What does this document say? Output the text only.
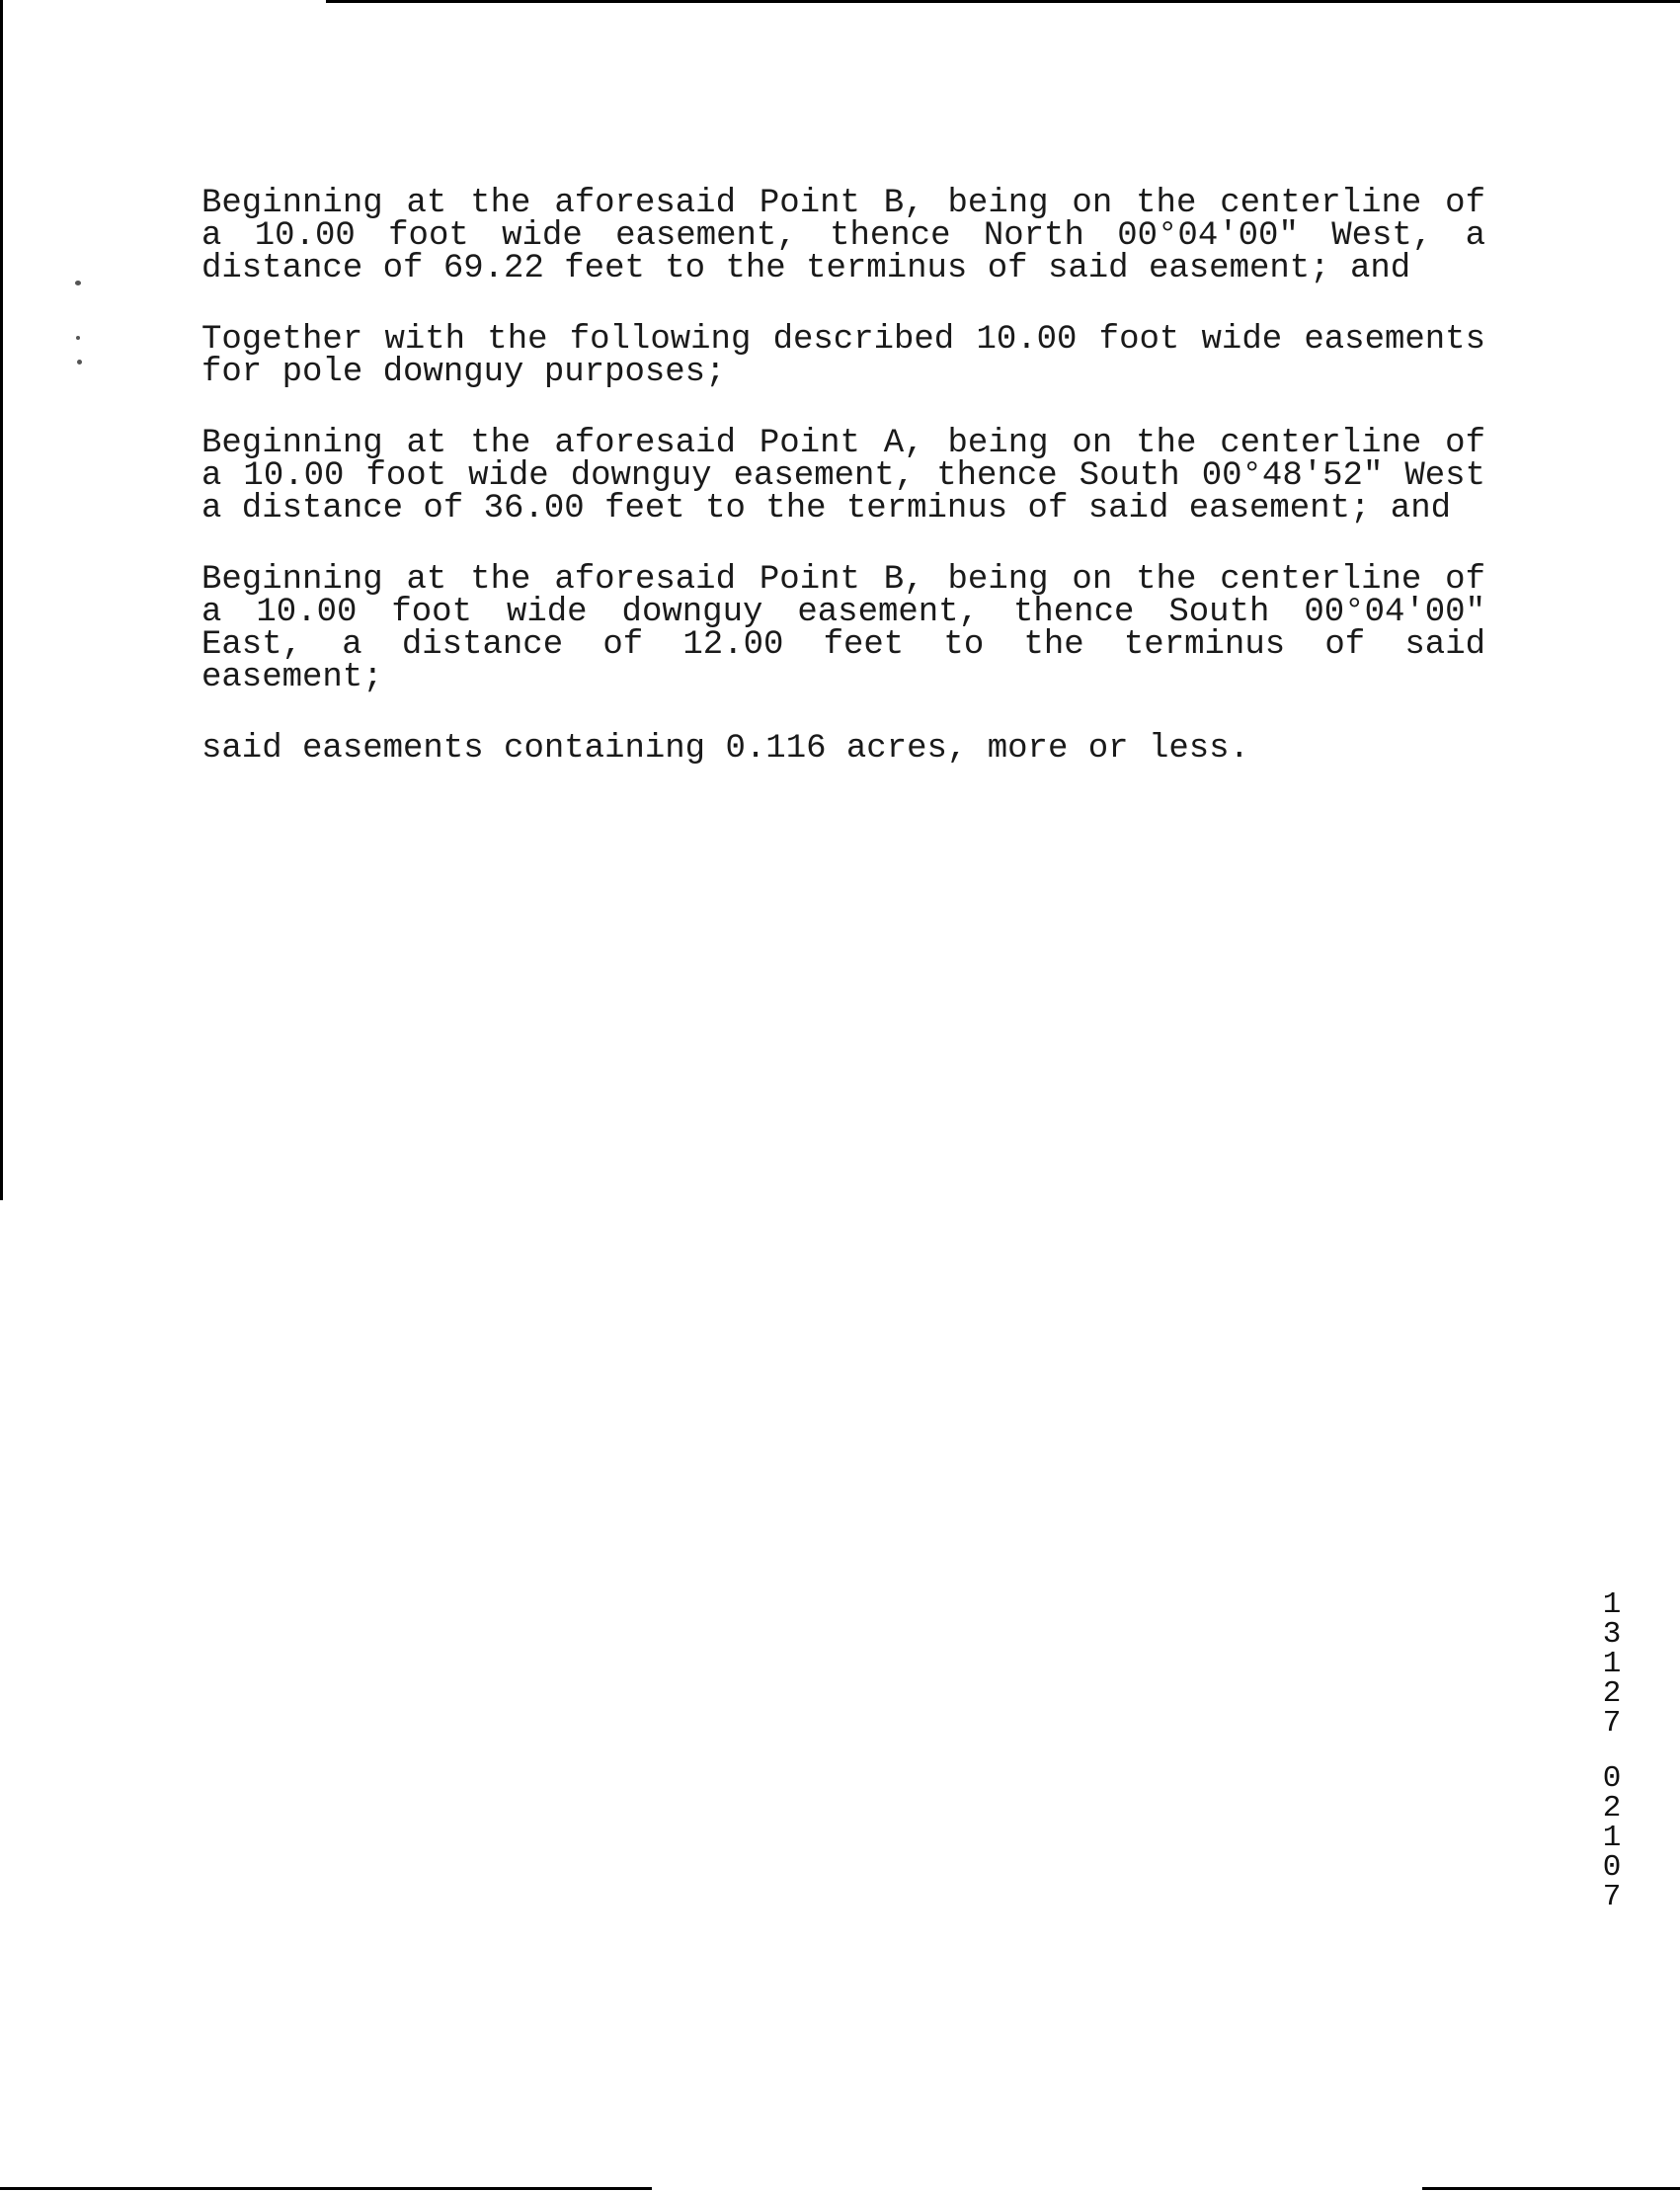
Beginning at the aforesaid Point B, being on the centerline of a 10.00 foot wide easement, thence North 00°04'00" West, a distance of 69.22 feet to the terminus of said easement; and

Together with the following described 10.00 foot wide easements for pole downguy purposes;

Beginning at the aforesaid Point A, being on the centerline of a 10.00 foot wide downguy easement, thence South 00°48'52" West a distance of 36.00 feet to the terminus of said easement; and

Beginning at the aforesaid Point B, being on the centerline of a 10.00 foot wide downguy easement, thence South 00°04'00" East, a distance of 12.00 feet to the terminus of said easement;

said easements containing 0.116 acres, more or less.

1
3
1
2
7
0
2
1
0
7
